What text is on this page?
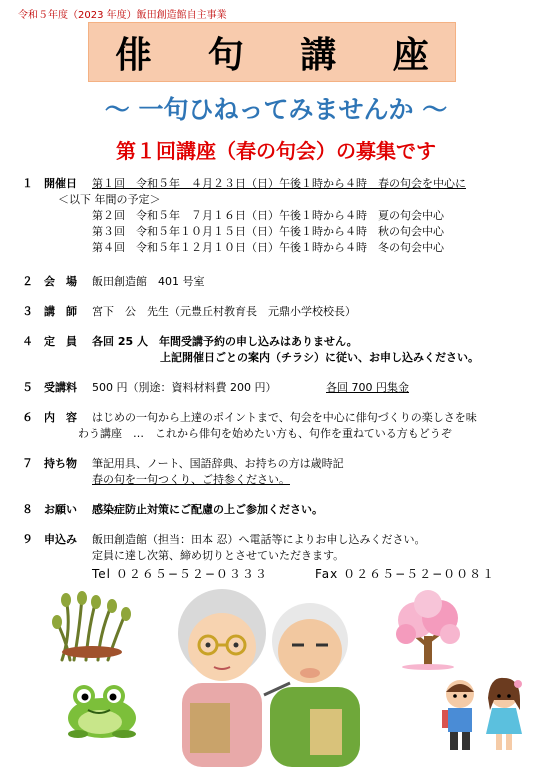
令和５年度（2023 年度）飯田創造館自主事業
俳 句 講 座
〜 一句ひねってみませんか 〜
第１回講座（春の句会）の募集です
１ 開催日 第１回　令和５年　４月２３日（日）午後１時から４時　春の句会を中心に
＜以下 年間の予定＞
第２回　令和５年　７月１６日（日）午後１時から４時　夏の句会中心
第３回　令和５年１０月１５日（日）午後１時から４時　秋の句会中心
第４回　令和５年１２月１０日（日）午後１時から４時　冬の句会中心
２ 会　場 飯田創造館　401 号室
３ 講　師 宮下　公　先生（元豊丘村教育長　元鼎小学校校長）
４ 定　員 各回 25 人　年間受講予約の申し込みはありません。
上記開催日ごとの案内（チラシ）に従い、お申し込みください。
５ 受講料 500 円（別途：資料材料費 200 円）	各回 700 円集金
６ 内　容 はじめの一句から上達のポイントまで、句会を中心に俳句づくりの楽しさを味
わう講座　…　これから俳句を始めたい方も、句作を重ねている方もどうぞ
７ 持ち物 筆記用具、ノート、国語辞典、お持ちの方は歳時記
春の句を一句つくり、ご持参ください。
８ お願い 感染症防止対策にご配慮の上ご参加ください。
９ 申込み 飯田創造館（担当：田本 忍）へ電話等によりお申し込みください。
定員に達し次第、締め切りとさせていただきます。
Tel ０２６５−５２−０３３３	Fax ０２６５−５２−００８１
